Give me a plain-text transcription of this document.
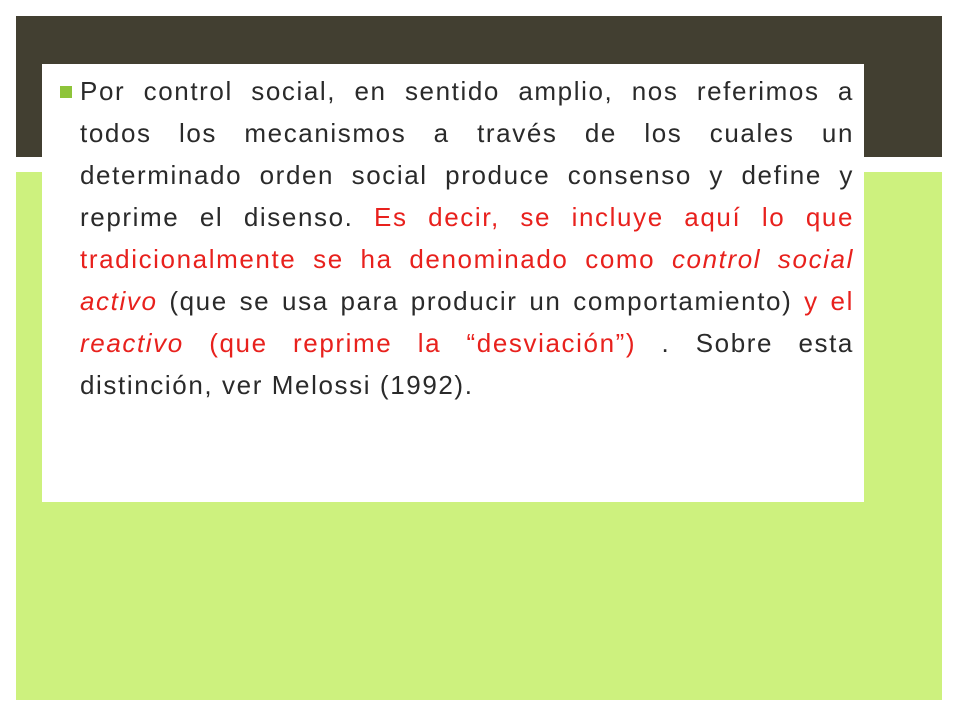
Por control social, en sentido amplio, nos referimos a todos los mecanismos a través de los cuales un determinado orden social produce consenso y define y reprime el disenso. Es decir, se incluye aquí lo que tradicionalmente se ha denominado como control social activo (que se usa para producir un comportamiento) y el reactivo (que reprime la “desviación”) . Sobre esta distinción, ver Melossi (1992).
